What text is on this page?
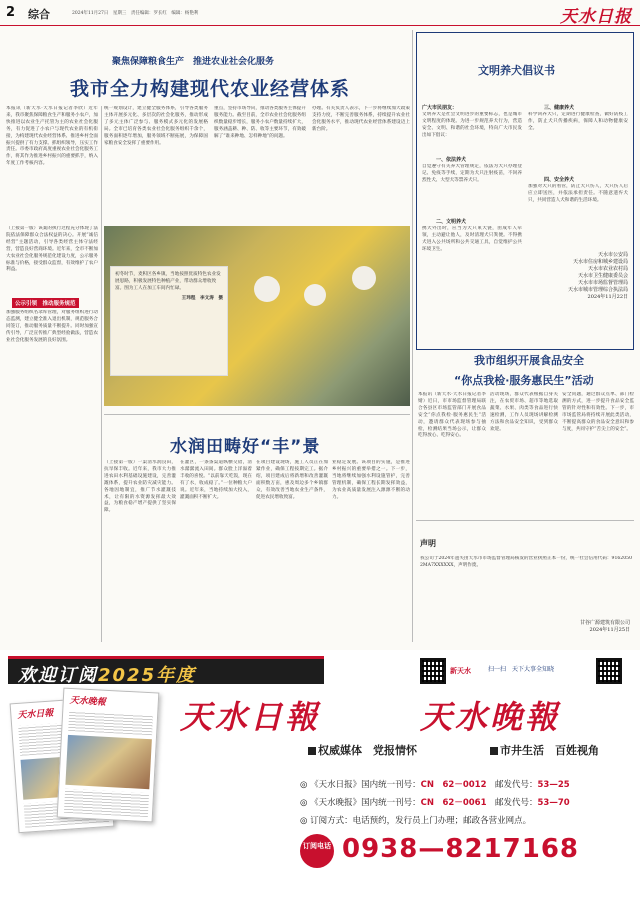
2 综合	2024年11月27日　星期三　责任编辑：罗长红　编辑：杨艳利	天水日报
聚焦保障粮食生产　推进农业社会化服务
我市全力构建现代农业经营体系
本报讯（新天水·天水日报记者李欣）近年来，我市聚焦保障粮食生产和服务小农户，加快推进以农业生产托管为主的农业社会化服务，有力促进了小农户与现代农业的有机衔接，为构建现代农业经营体系、推进乡村全面振兴提供了有力支撑。抓组织领导，压实工作责任。市委市政府高度重视农业社会化服务工作，将其作为推进乡村振兴的重要抓手，纳入年度工作考核内容。
统一规划设计，建立健全服务体系，引导各类服务主体开展多元化、多层次的社会化服务，推动形成了多元主体广泛参与、服务模式多元化的发展格局。全市已培育各类农业社会化服务组织千余个，服务面积逐年增加，服务领域不断拓展，为保障国家粮食安全发挥了重要作用。
重点，坚持市场导向，推动各类服务主体提升服务能力。截至目前，全市农业社会化服务组织数量稳步增长，服务小农户数量持续扩大，服务涵盖耕、种、防、收等主要环节，有效破解了“谁来种地、怎样种地”的问题。
办理。有关负责人表示，下一步将继续加大政策支持力度，不断完善服务体系，持续提升农业社会化服务水平，推动现代农业经营体系建设迈上新台阶。
（上接第一版）该案的执行过程充分体现了法院依法保障群众合法权益的决心。开展“诚信经营”主题活动，引导各类经营主体守法经营，营造良好营商环境。近年来，全市不断加大农业社会化服务规范化建设力度，公示服务标准与价格，接受群众监督，有效维护了农户利益。
公示引领　推动服务规范
加强服务组织名录库管理，对服务组织进行动态监测，建立健全准入退出机制，规范服务合同签订，推动服务质量不断提升。同时加强宣传引导，广泛宣传推广典型经验做法，营造农业社会化服务发展的良好氛围。
初冬时节，麦积区各乡镇，当地按照优质特色农业发展思路，积极发展特色种植产业，带动群众增收致富。图为工人在加工车间内忙碌。
王玮程　李文涛　摄
水润田畴好“丰”景
（上接第一版）一渠清水润良田，抗旱保丰收。近年来，我市大力推进农田水利基础设施建设，完善灌溉体系，提升农业防灾减灾能力。各地因地制宜，推广节水灌溉技术，让有限的水资源发挥最大效益，为粮食稳产增产提供了坚实保障。
在灌区，一条条渠道纵横交错，清水潺潺流入田间。群众脸上洋溢着丰收的喜悦。“以前靠天吃饭，现在有了水，收成稳了。”一位种粮大户说。近年来，当地持续加大投入，灌溉面积不断扩大。
在项目建设现场，施工人员正在加紧作业，确保工程按期完工。据介绍，项目建成后将新增和改善灌溉面积数万亩，惠及周边多个乡镇群众，有效改善当地农业生产条件，促进农民增收致富。
业稳定发展。该项目的实施，是推进乡村振兴的重要举措之一。下一步，当地将继续加强水利设施管护，完善管理机制，确保工程长期发挥效益，为农业高质量发展注入源源不断的动力。
文明养犬倡议书
广大市民朋友：
文明养犬是社会文明进步的重要标志，也是城市文明程度的体现。为进一步规范养犬行为，营造安全、文明、和谐的社会环境，特向广大市民发出如下倡议：
一、依法养犬
自觉遵守有关养犬管理规定，依法为犬只办理登记、免疫等手续，定期为犬只注射疫苗，不饲养烈性犬、大型犬等禁养犬只。
二、文明养犬
携犬外出时，应当为犬只束犬链，由成年人牵领，主动避让他人，及时清理犬只粪便。不得携犬进入公共场所和公共交通工具，自觉维护公共环境卫生。
三、健康养犬
科学饲养犬只，定期进行健康检查，做好防疫工作，防止犬只传播疾病，保障人和动物健康安全。
四、安全养犬
加强对犬只的看管，防止犬只伤人，犬只伤人后应立即送医，并依法承担责任。不随意遗弃犬只，共同营造人犬和谐的生活环境。
天水市公安局
天水市住房和城乡建设局
天水市农业农村局
天水市卫生健康委员会
天水市市场监督管理局
天水市城市管理综合执法局
2024年11月22日
我市组织开展食品安全
“你点我检·服务惠民生”活动
本报讯（新天水·天水日报记者李婧）近日，市市场监督管理局联合各县区市场监管部门开展食品安全“你点我检·服务惠民生”活动，邀请群众代表现场参与抽检，检测结果当场公示，让群众吃得放心、吃得安心。
活动现场，群众代表根据自身关注，在农贸市场、超市等地选取蔬菜、水果、肉类等食品进行快速检测，工作人员现场讲解检测方法和食品安全知识，受到群众欢迎。
安全问题，通过群众点单、部门检测的方式，进一步提升食品安全监管的针对性和有效性。下一步，市市场监管局将持续开展此类活动，不断提高群众的食品安全意识和参与度，共同守护“舌尖上的安全”。
声明
我公司于2024年遗失由天水市市场监督管理局核发的营业执照正本一份，统一社会信用代码：91620502MA7XXXXXX，声明作废。
甘谷广源建筑有限公司
2024年11月25日
欢迎订阅2025年度	新天水	扫一扫　天下大事全知晓
天水日報
天水晚報 天水日報	天水晚報
权威媒体　党报情怀	市井生活　百姓视角
◎ 《天水日报》国内统一刊号：CN　62－0012　 邮发代号：53—25
◎ 《天水晚报》国内统一刊号：CN　62－0061　 邮发代号：53—70
◎ 订阅方式：电话预约，发行员上门办理；邮政各营业网点。
订阅电话 0938—8217168
